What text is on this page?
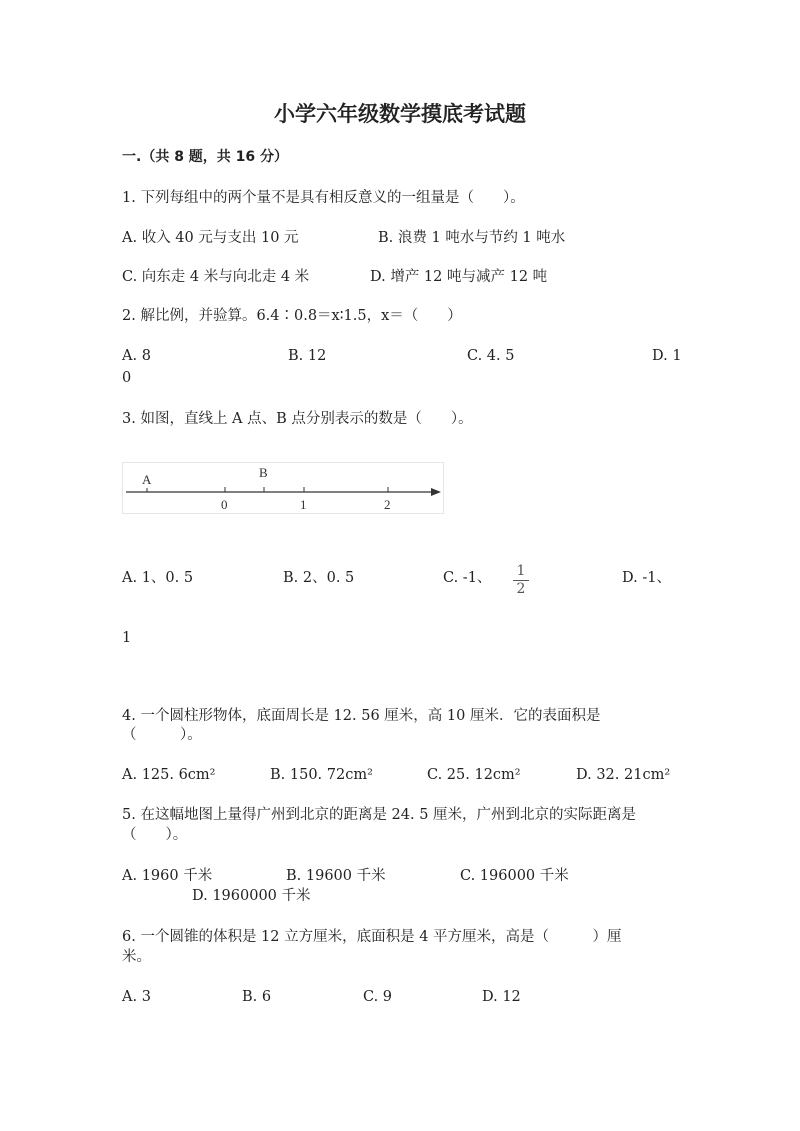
小学六年级数学摸底考试题
一.（共 8 题，共 16 分）
1. 下列每组中的两个量不是具有相反意义的一组量是（　　）。
A. 收入 40 元与支出 10 元	B. 浪费 1 吨水与节约 1 吨水
C. 向东走 4 米与向北走 4 米	D. 增产 12 吨与减产 12 吨
2. 解比例，并验算。6.4∶0.8＝x∶1.5，x＝（　　）
A. 8	B. 12	C. 4. 5	D. 1
0
3. 如图，直线上 A 点、B 点分别表示的数是（　　）。
A	B
0	1	2
A. 1、0. 5	B. 2、0. 5	C. -1、 1
2
D. -1、
1
4. 一个圆柱形物体，底面周长是 12. 56 厘米，高 10 厘米．它的表面积是
（　　　）。
A. 125. 6cm²	B. 150. 72cm²	C. 25. 12cm²	D. 32. 21cm²
5. 在这幅地图上量得广州到北京的距离是 24. 5 厘米，广州到北京的实际距离是
（　　）。
A. 1960 千米	B. 19600 千米	C. 196000 千米
D. 1960000 千米
6. 一个圆锥的体积是 12 立方厘米，底面积是 4 平方厘米，高是（　　　）厘
米。
A. 3	B. 6	C. 9	D. 12
